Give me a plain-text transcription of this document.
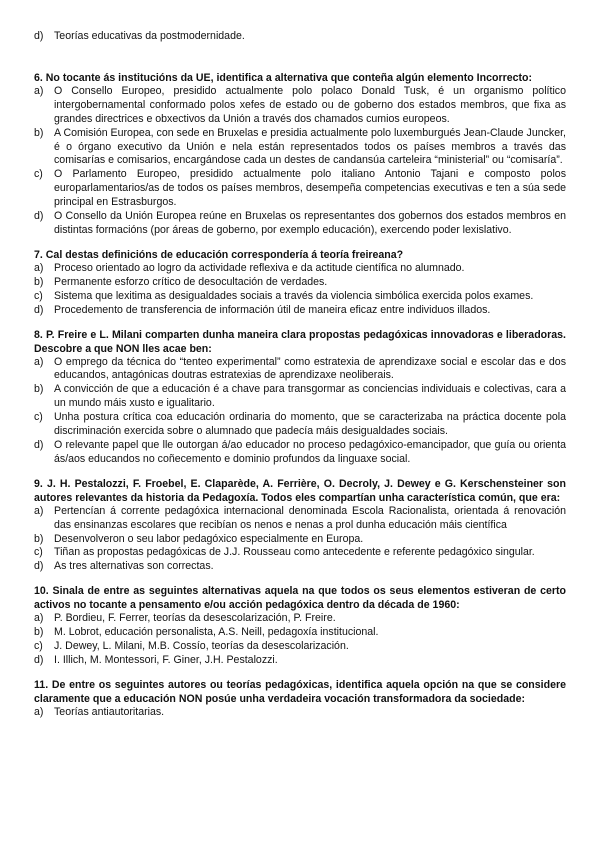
d) Teorías educativas da postmodernidade.

6. No tocante ás institucións da UE, identifica a alternativa que conteña algún elemento Incorrecto:

a) O Consello Europeo, presidido actualmente polo polaco Donald Tusk, é un organismo político intergobernamental conformado polos xefes de estado ou de goberno dos estados membros, que fixa as grandes directrices e obxectivos da Unión a través dos chamados cumios europeos.
b) A Comisión Europea, con sede en Bruxelas e presidia actualmente polo luxemburgués Jean-Claude Juncker, é o órgano executivo da Unión e nela están representados todos os países membros a través das comisarías e comisarios, encargándose cada un destes de candansúa carteleira “ministerial” ou “comisaría”.
c)	O Parlamento Europeo, presidido actualmente polo italiano Antonio Tajani e composto polos europarlamentarios/as de todos os países membros, desempeña competencias executivas e ten a súa sede principal en Estrasburgos.
d) O Consello da Unión Europea reúne en Bruxelas os representantes dos gobernos dos estados membros en distintas formacións (por áreas de goberno, por exemplo educación), exercendo poder lexislativo.

7. Cal destas definicións de educación correspondería á teoría freireana?

a) Proceso orientado ao logro da actividade reflexiva e da actitude científica no alumnado.
b) Permanente esforzo crítico de desocultación de verdades.
c)	Sistema que lexitima as desigualdades sociais a través da violencia simbólica exercida polos exames.
d) Procedemento de transferencia de información útil de maneira eficaz entre individuos illados.

8. P. Freire e L. Milani comparten dunha maneira clara propostas pedagóxicas innovadoras e liberadoras. Descobre a que NON lles acae ben:

a) O emprego da técnica do “tenteo experimental” como estratexia de aprendizaxe social e escolar das e dos educandos, antagónicas doutras estratexias de aprendizaxe neoliberais.
b) A convicción de que a educación é a chave para transgormar as conciencias individuais e colectivas, cara a un mundo máis xusto e igualitario.
c)	Unha postura crítica coa educación ordinaria do momento, que se caracterizaba na práctica docente pola discriminación exercida sobre o alumnado que padecía máis desigualdades sociais.
d) O relevante papel que lle outorgan á/ao educador no proceso pedagóxico-emancipador, que guía ou orienta ás/aos educandos no coñecemento e dominio profundos da linguaxe social.

9. J. H. Pestalozzi, F. Froebel, E. Claparède, A. Ferrière, O. Decroly, J. Dewey e G. Kerschensteiner son autores relevantes da historia da Pedagoxía. Todos eles compartían unha característica común, que era:

a) Pertencían á corrente pedagóxica internacional denominada Escola Racionalista, orientada á renovación das ensinanzas escolares que recibían os nenos e nenas a prol dunha educación máis científica
b) Desenvolveron o seu labor pedagóxico especialmente en Europa.
c)	Tiñan as propostas pedagóxicas de J.J. Rousseau como antecedente e referente pedagóxico singular.
d) As tres alternativas son correctas.

10. Sinala de entre as seguintes alternativas aquela na que todos os seus elementos estiveran de certo activos no tocante a pensamento e/ou acción pedagóxica dentro da década de 1960:

a) P. Bordieu, F. Ferrer, teorías da desescolarización, P. Freire.
b) M. Lobrot, educación personalista, A.S. Neill, pedagoxía institucional.
c)	J. Dewey, L. Milani, M.B. Cossío, teorías da desescolarización.
d) I. Illich, M. Montessori, F. Giner, J.H. Pestalozzi.

11. De entre os seguintes autores ou teorías pedagóxicas, identifica aquela opción na que se considere claramente que a educación NON posúe unha verdadeira vocación transformadora da sociedade:

a) Teorías antiautoritarias.
